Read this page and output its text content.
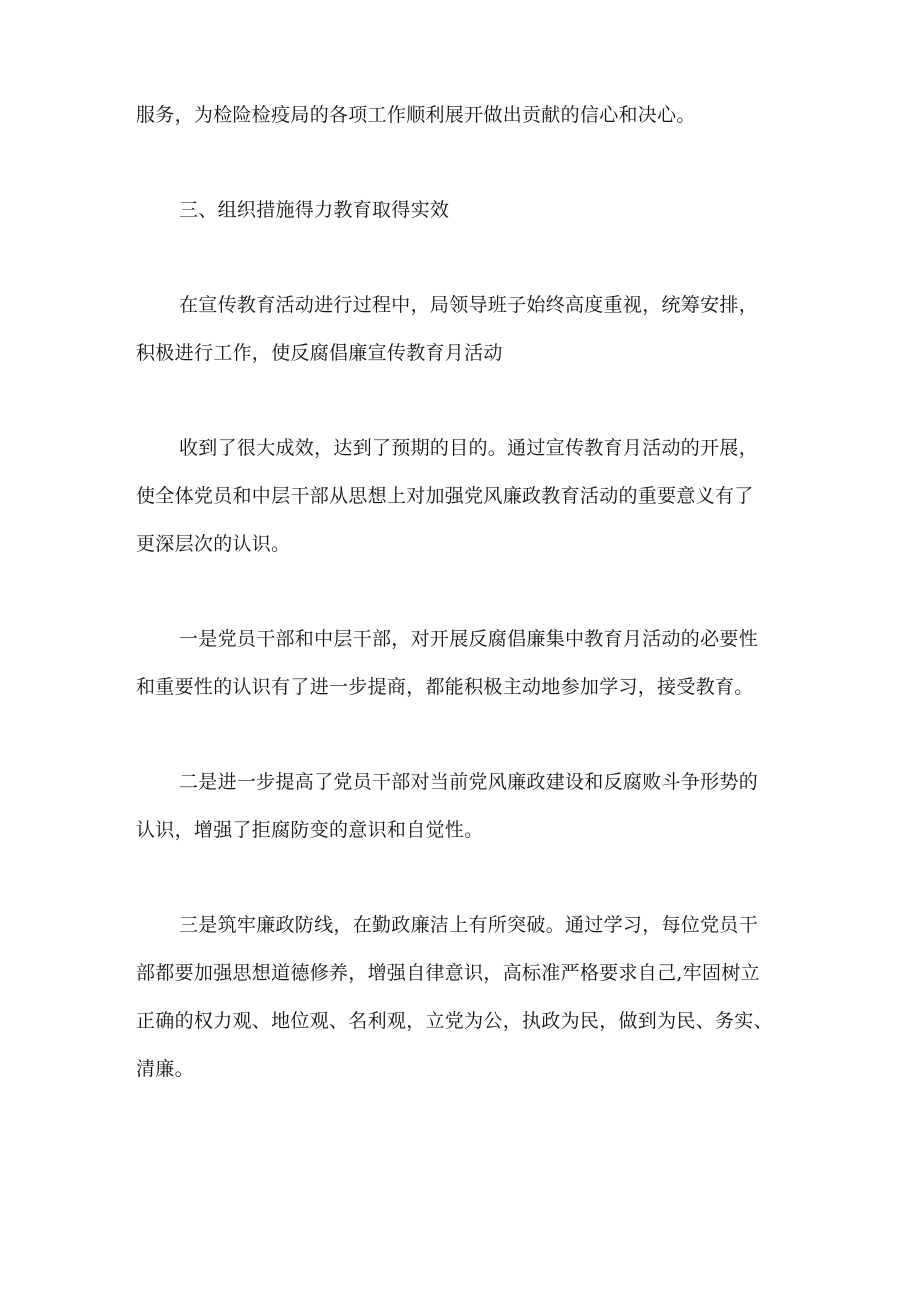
服务，为检险检疫局的各项工作顺利展开做出贡献的信心和决心。
三、组织措施得力教育取得实效
在宣传教育活动进行过程中，局领导班子始终高度重视，统筹安排，
积极进行工作，使反腐倡廉宣传教育月活动
收到了很大成效，达到了预期的目的。通过宣传教育月活动的开展，
使全体党员和中层干部从思想上对加强党风廉政教育活动的重要意义有了
更深层次的认识。
一是党员干部和中层干部，对开展反腐倡廉集中教育月活动的必要性
和重要性的认识有了进一步提商，都能积极主动地参加学习，接受教育。
二是进一步提高了党员干部对当前党风廉政建设和反腐败斗争形势的
认识，增强了拒腐防变的意识和自觉性。
三是筑牢廉政防线，在勤政廉洁上有所突破。通过学习，每位党员干
部都要加强思想道德修养，增强自律意识，高标准严格要求自己,牢固树立
正确的权力观、地位观、名利观，立党为公，执政为民，做到为民、务实、
清廉。
